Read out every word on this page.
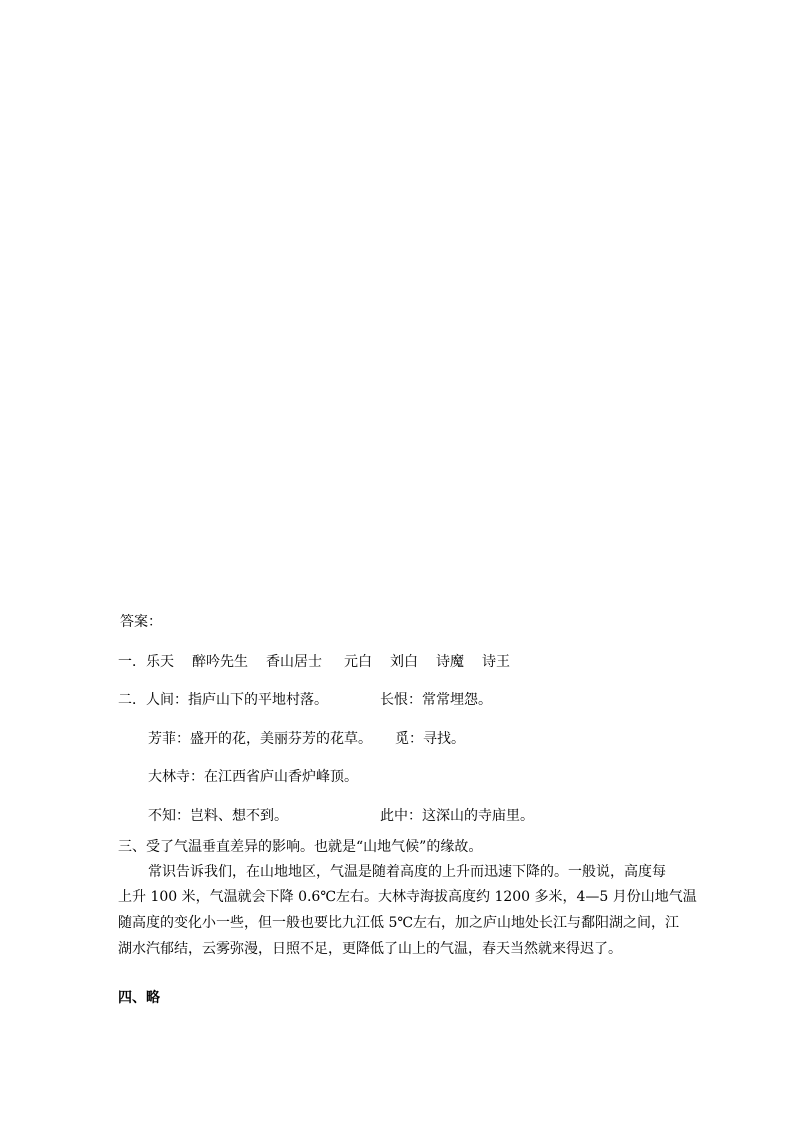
答案：
一．乐天 醉吟先生 香山居士 元白 刘白 诗魔 诗王
二．人间：指庐山下的平地村落。	长恨：常常埋怨。
芳菲：盛开的花，美丽芬芳的花草。 觅：寻找。
大林寺：在江西省庐山香炉峰顶。
不知：岂料、想不到。	此中：这深山的寺庙里。
三、受了气温垂直差异的影响。也就是“山地气候”的缘故。
常识告诉我们，在山地地区，气温是随着高度的上升而迅速下降的。一般说，高度每
上升 100 米，气温就会下降 0.6℃左右。大林寺海拔高度约 1200 多米，4—5 月份山地气温
随高度的变化小一些，但一般也要比九江低 5℃左右，加之庐山地处长江与鄱阳湖之间，江
湖水汽郁结，云雾弥漫，日照不足，更降低了山上的气温，春天当然就来得迟了。
四、略
